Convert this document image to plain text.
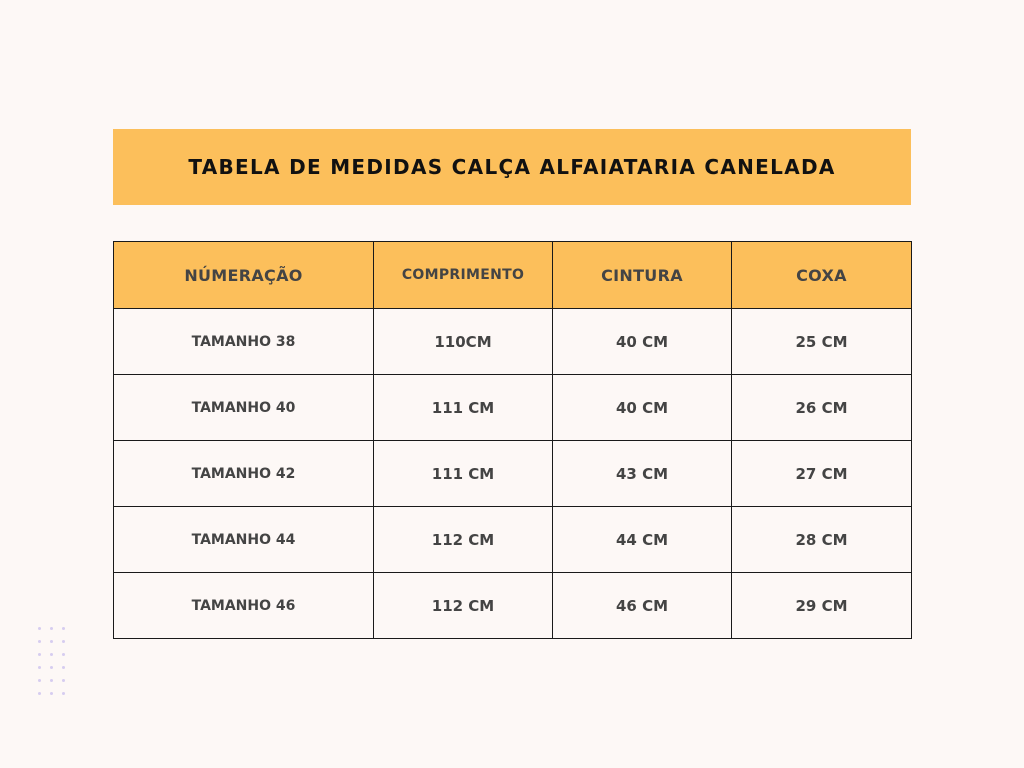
TABELA DE MEDIDAS CALÇA ALFAIATARIA CANELADA
NÚMERAÇÃO	COMPRIMENTO	CINTURA	COXA
TAMANHO 38	110CM	40 CM	25 CM
TAMANHO 40	111 CM	40 CM	26 CM
TAMANHO 42	111 CM	43 CM	27 CM
TAMANHO 44	112 CM	44 CM	28 CM
TAMANHO 46	112 CM	46 CM	29 CM
